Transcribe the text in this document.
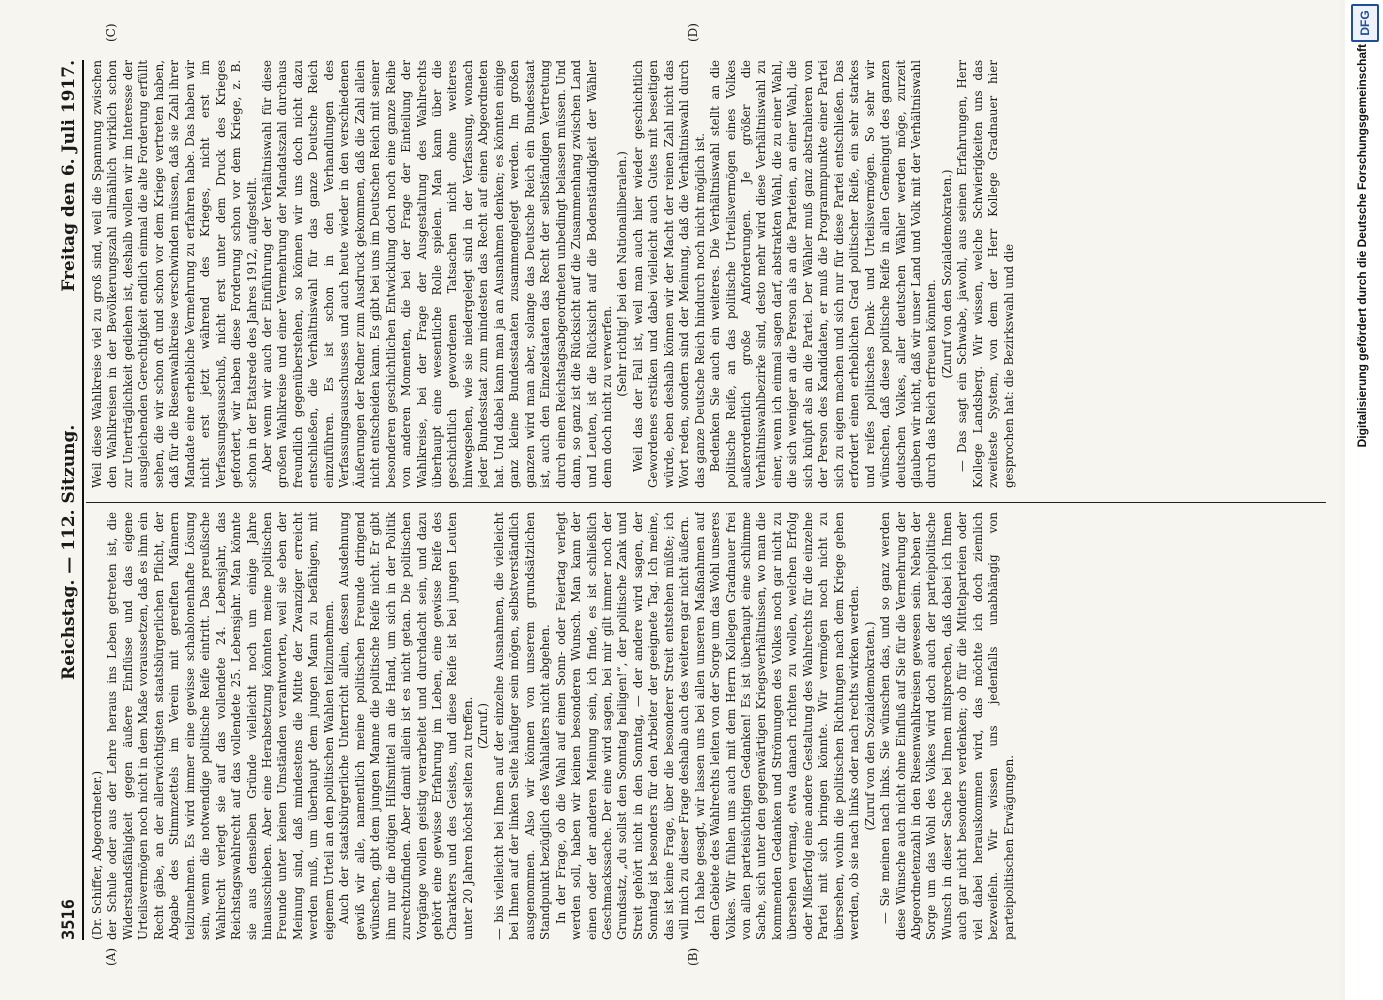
3516
Reichstag. — 112. Sitzung.
Freitag den 6. Juli 1917.
(A)	(B)
(C)	(D)

(Dr. Schiffer, Abgeordneter.) der Schule oder aus der Lehre heraus ins Leben getreten ist, die Widerstandsfähigkeit gegen äußere Einflüsse und das eigene Urteilsvermögen noch nicht in dem Maße voraussetzen, daß es ihm ein Recht gäbe, an der allerwichtigsten staatsbürgerlichen Pflicht, der Abgabe des Stimmzettels im Verein mit gereiften Männern teilzunehmen. Es wird immer eine gewisse schablonenhafte Lösung sein, wenn die notwendige politische Reife eintritt. Das preußische Wahlrecht verlegt sie auf das vollendete 24. Lebensjahr, das Reichstagswahlrecht auf das vollendete 25. Lebensjahr. Man könnte sie aus denselben Gründe vielleicht noch um einige Jahre hinausschieben. Aber eine Herabsetzung könnten meine politischen Freunde unter keinen Umständen verantworten, weil sie eben der Meinung sind, daß mindestens die Mitte der Zwanziger erreicht werden muß, um überhaupt dem jungen Mann zu befähigen, mit eigenem Urteil an den politischen Wahlen teilzunehmen. Auch der staatsbürgerliche Unterricht allein, dessen Ausdehnung gewiß wir alle, namentlich meine politischen Freunde dringend wünschen, gibt dem jungen Manne die politische Reife nicht. Er gibt ihm nur die nötigen Hilfsmittel an die Hand, um sich in der Politik zurechtzufinden. Aber damit allein ist es nicht getan. Die politischen Vorgänge wollen geistig verarbeitet und durchdacht sein, und dazu gehört eine gewisse Erfahrung im Leben, eine gewisse Reife des Charakters und des Geistes, und diese Reife ist bei jungen Leuten unter 20 Jahren höchst selten zu treffen. (Zuruf.) — bis vielleicht bei Ihnen auf der einzelne Ausnahmen, die vielleicht bei Ihnen auf der linken Seite häufiger sein mögen, selbstverständlich ausgenommen. Also wir können von unserem grundsätzlichen Standpunkt bezüglich des Wahlalters nicht abgehen. In der Frage, ob die Wahl auf einen Sonn- oder Feiertag verlegt werden soll, haben wir keinen besonderen Wunsch. Man kann der einen oder der anderen Meinung sein, ich finde, es ist schließlich Geschmackssache. Der eine wird sagen, bei mir gilt immer noch der Grundsatz, „du sollst den Sonntag heiligen!“, der politische Zank und Streit gehört nicht in den Sonntag, — der andere wird sagen, der Sonntag ist besonders für den Arbeiter der geeignete Tag. Ich meine, das ist keine Frage, über die besonderer Streit entstehen müßte; ich will mich zu dieser Frage deshalb auch des weiteren gar nicht äußern. Ich habe gesagt, wir lassen uns bei allen unseren Maßnahmen auf dem Gebiete des Wahlrechts leiten von der Sorge um das Wohl unseres Volkes. Wir fühlen uns auch mit dem Herrn Kollegen Gradnauer frei von allen parteisüchtigen Gedanken! Es ist überhaupt eine schlimme Sache, sich unter den gegenwärtigen Kriegsverhältnissen, wo man die kommenden Gedanken und Strömungen des Volkes noch gar nicht zu übersehen vermag, etwa danach richten zu wollen, welchen Erfolg oder Mißerfolg eine andere Gestaltung des Wahlrechts für die einzelne Partei mit sich bringen könnte. Wir vermögen noch nicht zu übersehen, wohin die politischen Richtungen nach dem Kriege gehen werden, ob sie nach links oder nach rechts wirken werden. (Zuruf von den Sozialdemokraten.) — Sie meinen nach links. Sie wünschen das, und so ganz werden diese Wünsche auch nicht ohne Einfluß auf Sie für die Vermehrung der Abgeordnetenzahl in den Riesenwahlkreisen gewesen sein. Neben der Sorge um das Wohl des Volkes wird doch auch der parteipolitische Wunsch in dieser Sache bei Ihnen mitsprechen, daß dabei ich Ihnen auch gar nicht besonders verdenken; ob für die Mittelparteien oder viel dabei herauskommen wird, das möchte ich doch ziemlich bezweifeln. Wir wissen uns jedenfalls unabhängig von parteipolitischen Erwägungen.

Weil diese Wahlkreise viel zu groß sind, weil die Spannung zwischen den Wahlkreisen in der Bevölkerungszahl allmählich wirklich schon zur Unerträglichkeit gediehen ist, deshalb wollen wir im Interesse der ausgleichenden Gerechtigkeit endlich einmal die alte Forderung erfüllt sehen, die wir schon oft und schon vor dem Kriege vertreten haben, daß für die Riesenwahlkreise verschwinden müssen, daß sie Zahl ihrer Mandate eine erhebliche Vermehrung zu erfahren habe. Das haben wir nicht erst jetzt während des Krieges, nicht erst im Verfassungsausschuß, nicht erst unter dem Druck des Krieges gefordert, wir haben diese Forderung schon vor dem Kriege, z. B. schon in der Etatsrede des Jahres 1912, aufgestellt. Aber wenn wir auch der Einführung der Verhältniswahl für diese großen Wahlkreise und einer Vermehrung der Mandatszahl durchaus freundlich gegenüberstehen, so können wir uns doch nicht dazu entschließen, die Verhältniswahl für das ganze Deutsche Reich einzuführen. Es ist schon in den Verhandlungen des Verfassungsausschusses und auch heute wieder in den verschiedenen Äußerungen der Redner zum Ausdruck gekommen, daß die Zahl allein nicht entscheiden kann. Es gibt bei uns im Deutschen Reich mit seiner besonderen geschichtlichen Entwicklung doch noch eine ganze Reihe von anderen Momenten, die bei der Frage der Einteilung der Wahlkreise, bei der Frage der Ausgestaltung des Wahlrechts überhaupt eine wesentliche Rolle spielen. Man kann über die geschichtlich gewordenen Tatsachen nicht ohne weiteres hinwegsehen, wie sie niedergelegt sind in der Verfassung, wonach jeder Bundesstaat zum mindesten das Recht auf einen Abgeordneten hat. Und dabei kann man ja an Ausnahmen denken; es könnten einige ganz kleine Bundesstaaten zusammengelegt werden. Im großen ganzen wird man aber, solange das Deutsche Reich ein Bundesstaat ist, auch den Einzelstaaten das Recht der selbständigen Vertretung durch einen Reichstagsabgeordneten unbedingt belassen müssen. Und dann, so ganz ist die Rücksicht auf die Zusammenhang zwischen Land und Leuten, ist die Rücksicht auf die Bodenständigkeit der Wähler denn doch nicht zu verwerfen. (Sehr richtig! bei den Nationalliberalen.) Weil das der Fall ist, weil man auch hier wieder geschichtlich Gewordenes erstiken und dabei vielleicht auch Gutes mit beseitigen würde, eben deshalb können wir der Macht der reinen Zahl nicht das Wort reden, sondern sind der Meinung, daß die Verhältniswahl durch das ganze Deutsche Reich hindurch noch nicht möglich ist. Bedenken Sie auch ein weiteres. Die Verhältniswahl stellt an die politische Reife, an das politische Urteilsvermögen eines Volkes außerordentlich große Anforderungen. Je größer die Verhältniswahlbezirke sind, desto mehr wird diese Verhältniswahl zu einer, wenn ich einmal sagen darf, abstrakten Wahl, die zu einer Wahl, die sich weniger an die Person als an die Parteien, an einer Wahl, die sich knüpft als an die Partei. Der Wähler muß ganz abstrahieren von der Person des Kandidaten, er muß die Programmpunkte einer Partei sich zu eigen machen und sich nur für diese Partei entschließen. Das erfordert einen erheblichen Grad politischer Reife, ein sehr starkes und reifes politisches Denk- und Urteilsvermögen. So sehr wir wünschen, daß diese politische Reife in allen Gemeingut des ganzen deutschen Volkes, aller deutschen Wähler werden möge, zurzeit glauben wir nicht, daß wir unser Land und Volk mit der Verhältniswahl durch das Reich erfreuen könnten.

(Zuruf von den Sozialdemokraten.) — Das sagt ein Schwabe, jawohl, aus seinen Erfahrungen, Herr Kollege Landsberg. Wir wissen, welche Schwierigkeiten uns das zweiteste System, von dem der Herr Kollege Gradnauer hier gesprochen hat: die Bezirkswahl und die	Digitalisierung gefördert durch die Deutsche Forschungsgemeinschaft
DFG
